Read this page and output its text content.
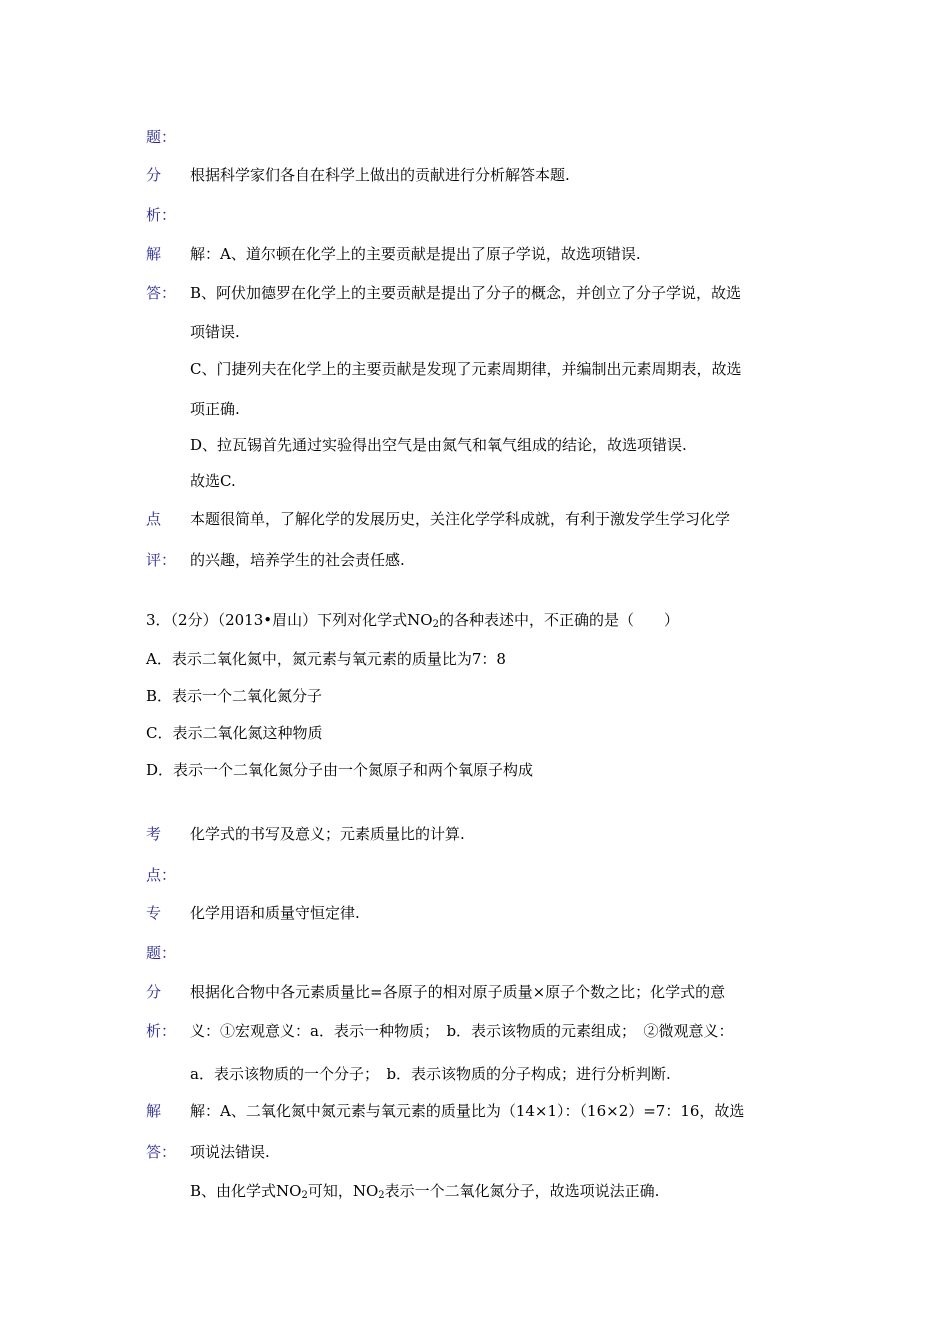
题：
分 根据科学家们各自在科学上做出的贡献进行分析解答本题.
析：
解 解：A、道尔顿在化学上的主要贡献是提出了原子学说，故选项错误.
答： B、阿伏加德罗在化学上的主要贡献是提出了分子的概念，并创立了分子学说，故选
项错误.
C、门捷列夫在化学上的主要贡献是发现了元素周期律，并编制出元素周期表，故选
项正确.
D、拉瓦锡首先通过实验得出空气是由氮气和氧气组成的结论，故选项错误.
故选C.
点 本题很简单，了解化学的发展历史，关注化学学科成就，有利于激发学生学习化学
评： 的兴趣，培养学生的社会责任感.
3．（2分）（2013•眉山）下列对化学式$NO_2$的各种表述中，不正确的是（　　）
A．表示二氧化氮中，氮元素与氧元素的质量比为7：8
B．表示一个二氧化氮分子
C．表示二氧化氮这种物质
D．表示一个二氧化氮分子由一个氮原子和两个氧原子构成
考 化学式的书写及意义；元素质量比的计算.
点：
专 化学用语和质量守恒定律.
题：
分 根据化合物中各元素质量比=各原子的相对原子质量×原子个数之比；化学式的意
析： 义：①宏观意义：a．表示一种物质；　b．表示该物质的元素组成；　②微观意义：
a．表示该物质的一个分子；　b．表示该物质的分子构成；进行分析判断.
解 解：A、二氧化氮中氮元素与氧元素的质量比为（14×1）：（16×2）=7：16，故选
答： 项说法错误.
B、由化学式$NO_2$可知，$NO_2$表示一个二氧化氮分子，故选项说法正确.
